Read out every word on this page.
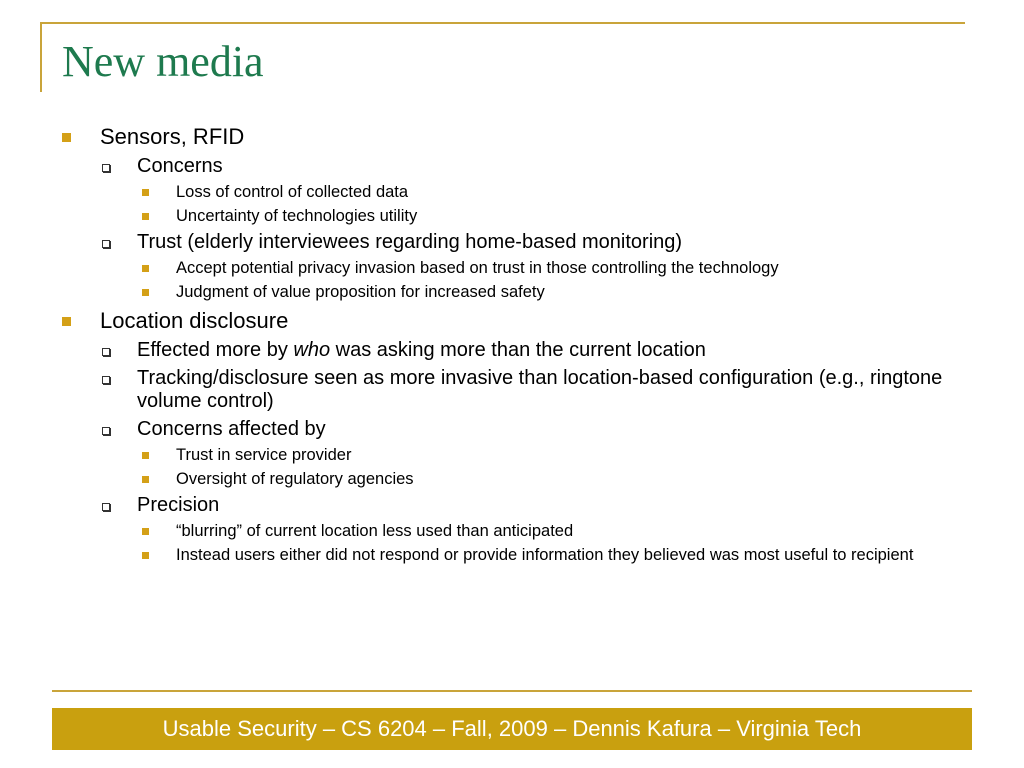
New media
Sensors, RFID
Concerns
Loss of control of collected data
Uncertainty of technologies utility
Trust (elderly interviewees regarding home-based monitoring)
Accept potential privacy invasion based on trust in those controlling the technology
Judgment of value proposition for increased safety
Location disclosure
Effected more by who was asking more than the current location
Tracking/disclosure seen as more invasive than location-based configuration (e.g., ringtone volume control)
Concerns affected by
Trust in service provider
Oversight of regulatory agencies
Precision
“blurring” of current location less used than anticipated
Instead users either did not respond or provide information they believed was most useful to recipient
Usable Security – CS 6204 – Fall, 2009 – Dennis Kafura – Virginia Tech
